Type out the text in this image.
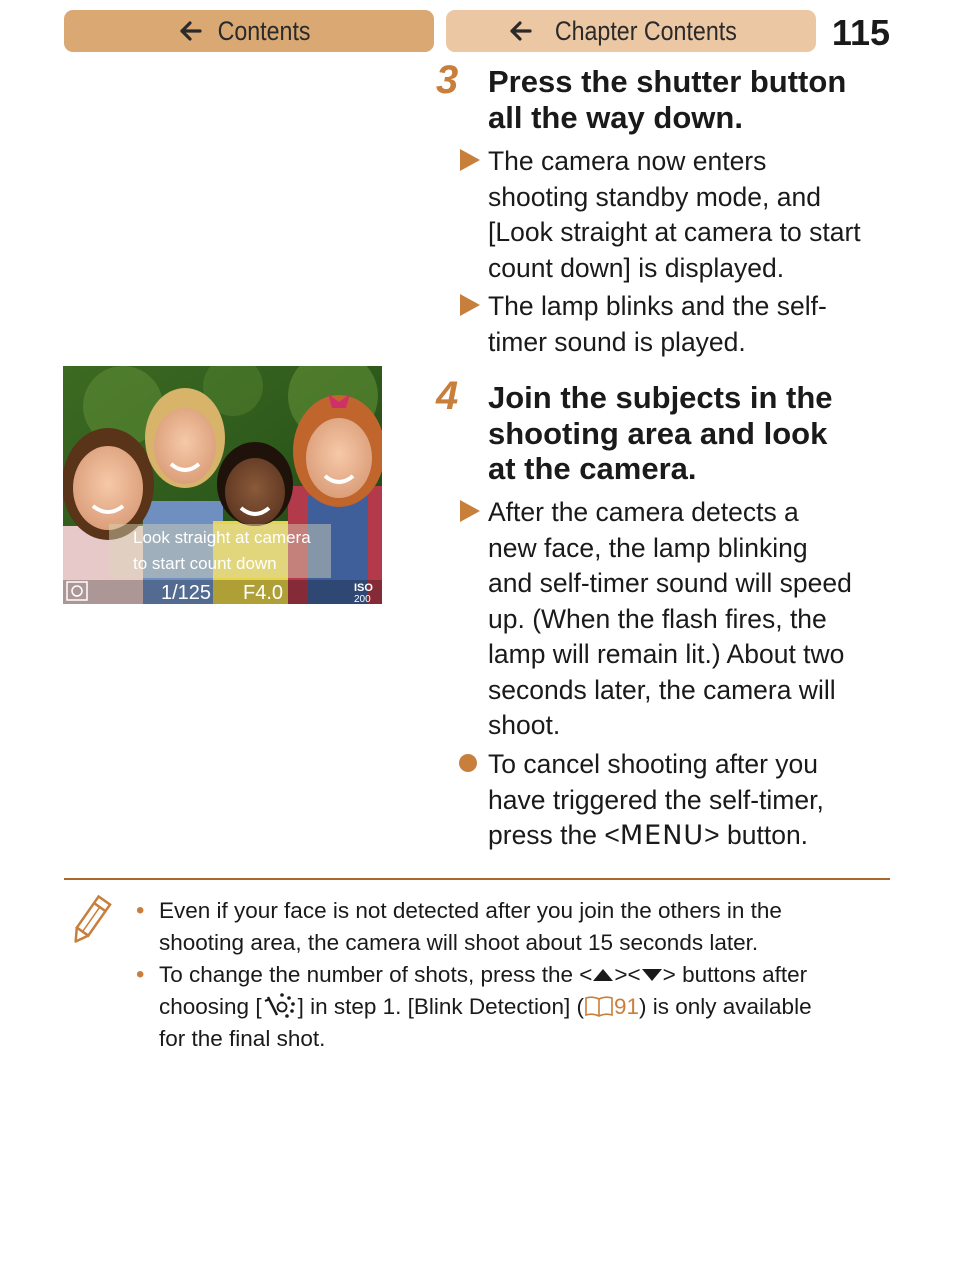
Contents	Chapter Contents	115
3 Press the shutter button
all the way down.
The camera now enters
shooting standby mode, and
[Look straight at camera to start
count down] is displayed.
The lamp blinks and the self-
timer sound is played.
Look straight at camera
to start count down
1/125 F4.0	ISO
200
4 Join the subjects in the
shooting area and look
at the camera.
After the camera detects a
new face, the lamp blinking
and self-timer sound will speed
up. (When the flash fires, the
lamp will remain lit.) About two
seconds later, the camera will
shoot.
To cancel shooting after you
have triggered the self-timer,
press the <MENU> button.
• Even if your face is not detected after you join the others in the
shooting area, the camera will shoot about 15 seconds later.
• To change the number of shots, press the < >< > buttons after
choosing [ ] in step 1. [Blink Detection] ( 91) is only available
for the final shot.
